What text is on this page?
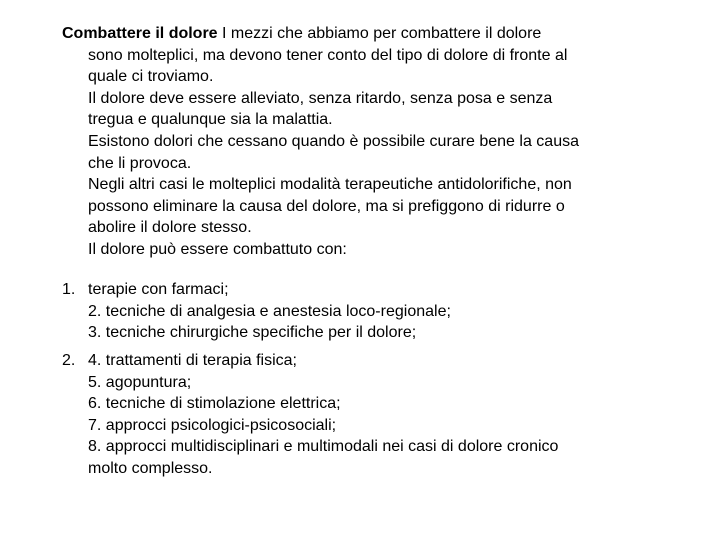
Combattere il dolore I mezzi che abbiamo per combattere il dolore
sono molteplici, ma devono tener conto del tipo di dolore di fronte al
quale ci troviamo.
Il dolore deve essere alleviato, senza ritardo, senza posa e senza
tregua e qualunque sia la malattia.
Esistono dolori che cessano quando è possibile curare bene la causa
che li provoca.
Negli altri casi le molteplici modalità terapeutiche antidolorifiche, non
possono eliminare la causa del dolore, ma si prefiggono di ridurre o
abolire il dolore stesso.
Il dolore può essere combattuto con:
1. terapie con farmaci;
2. tecniche di analgesia e anestesia loco-regionale;
3. tecniche chirurgiche specifiche per il dolore;
2. 4. trattamenti di terapia fisica;
5. agopuntura;
6. tecniche di stimolazione elettrica;
7. approcci psicologici-psicosociali;
8. approcci multidisciplinari e multimodali nei casi di dolore cronico
molto complesso.
